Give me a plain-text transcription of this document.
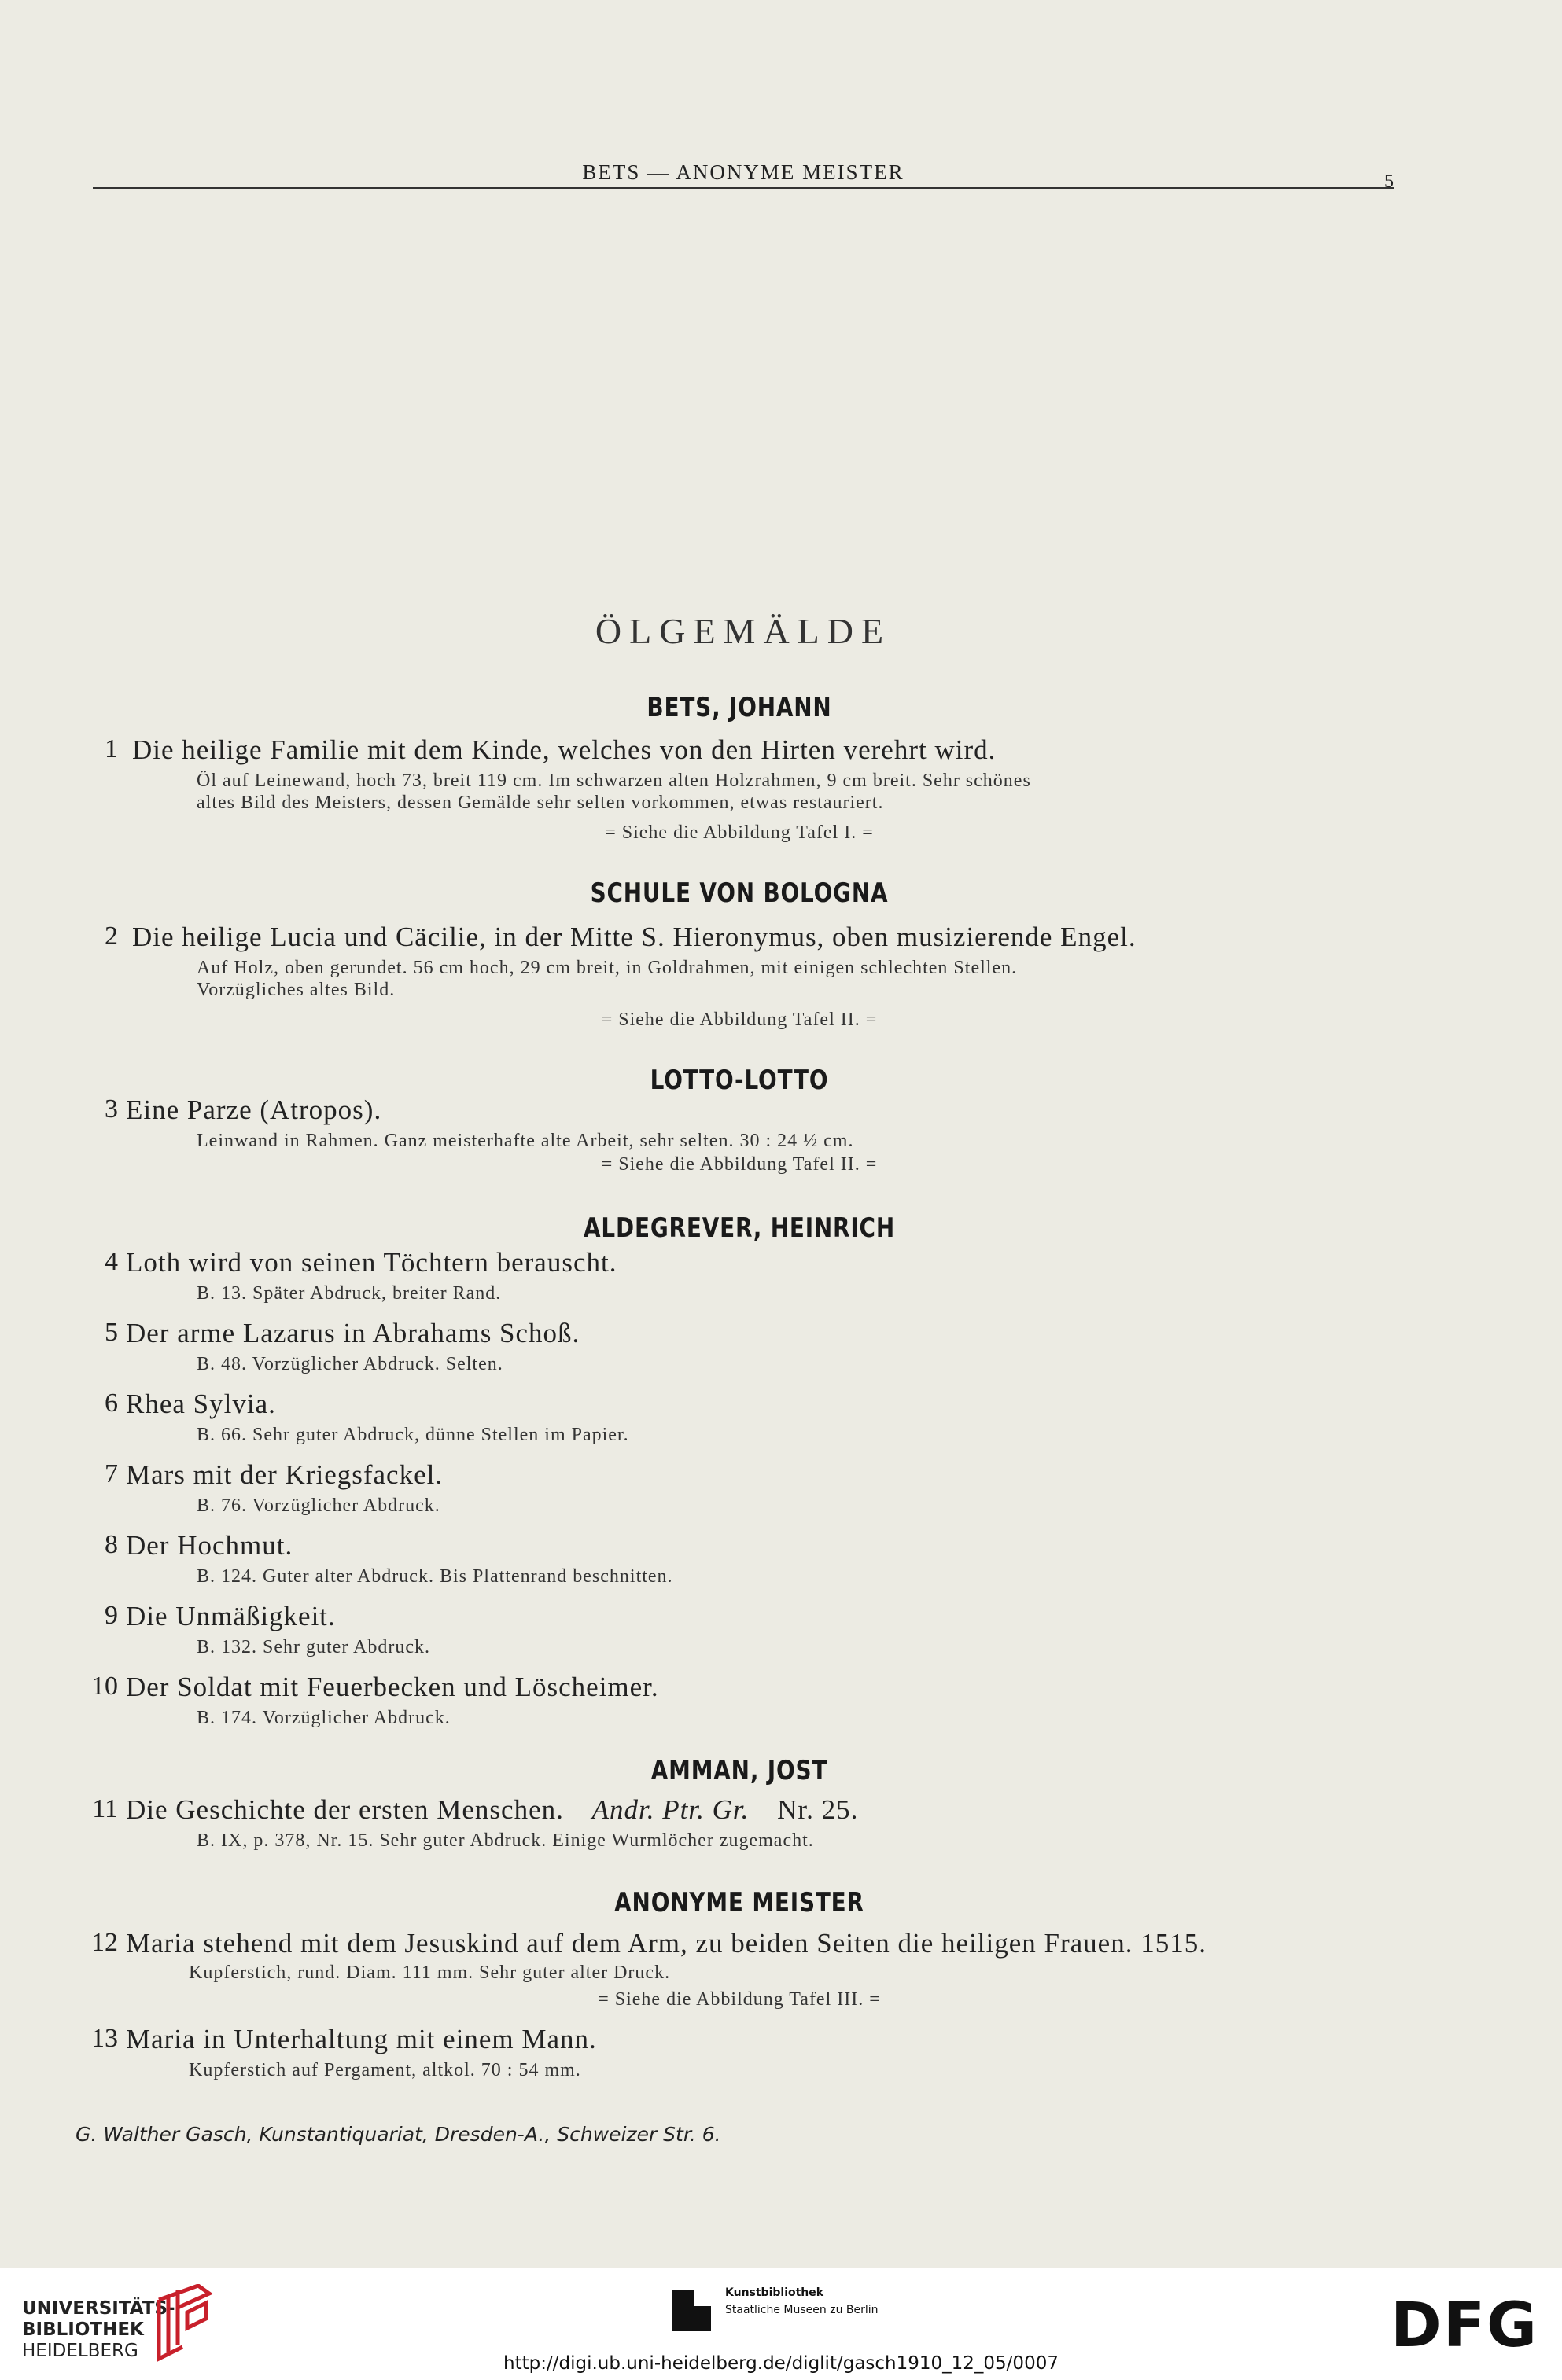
BETS — ANONYME MEISTER	5
ÖLGEMÄLDE
BETS, JOHANN
1 Die heilige Familie mit dem Kinde, welches von den Hirten verehrt wird.
Öl auf Leinewand, hoch 73, breit 119 cm. Im schwarzen alten Holzrahmen, 9 cm breit. Sehr schönes
altes Bild des Meisters, dessen Gemälde sehr selten vorkommen, etwas restauriert.
= Siehe die Abbildung Tafel I. =
SCHULE VON BOLOGNA
2 Die heilige Lucia und Cäcilie, in der Mitte S. Hieronymus, oben musizierende Engel.
Auf Holz, oben gerundet. 56 cm hoch, 29 cm breit, in Goldrahmen, mit einigen schlechten Stellen.
Vorzügliches altes Bild.
= Siehe die Abbildung Tafel II. =
LOTTO-LOTTO
3 Eine Parze (Atropos).
Leinwand in Rahmen. Ganz meisterhafte alte Arbeit, sehr selten. 30 : 24 ½ cm.
= Siehe die Abbildung Tafel II. =
ALDEGREVER, HEINRICH
4 Loth wird von seinen Töchtern berauscht.
B. 13. Später Abdruck, breiter Rand.
5 Der arme Lazarus in Abrahams Schoß.
B. 48. Vorzüglicher Abdruck. Selten.
6 Rhea Sylvia.
B. 66. Sehr guter Abdruck, dünne Stellen im Papier.
7 Mars mit der Kriegsfackel.
B. 76. Vorzüglicher Abdruck.
8 Der Hochmut.
B. 124. Guter alter Abdruck. Bis Plattenrand beschnitten.
9 Die Unmäßigkeit.
B. 132. Sehr guter Abdruck.
10 Der Soldat mit Feuerbecken und Löscheimer.
B. 174. Vorzüglicher Abdruck.
AMMAN, JOST
11 Die Geschichte der ersten Menschen. Andr. Ptr. Gr. Nr. 25.
B. IX, p. 378, Nr. 15. Sehr guter Abdruck. Einige Wurmlöcher zugemacht.
ANONYME MEISTER
12 Maria stehend mit dem Jesuskind auf dem Arm, zu beiden Seiten die heiligen Frauen. 1515.
Kupferstich, rund. Diam. 111 mm. Sehr guter alter Druck.
= Siehe die Abbildung Tafel III. =
13 Maria in Unterhaltung mit einem Mann.
Kupferstich auf Pergament, altkol. 70 : 54 mm.
G. Walther Gasch, Kunstantiquariat, Dresden-A., Schweizer Str. 6.
UNIVERSITÄTS-
BIBLIOTHEK
HEIDELBERG
Kunstbibliothek
Staatliche Museen zu Berlin	DFG
http://digi.ub.uni-heidelberg.de/diglit/gasch1910_12_05/0007
